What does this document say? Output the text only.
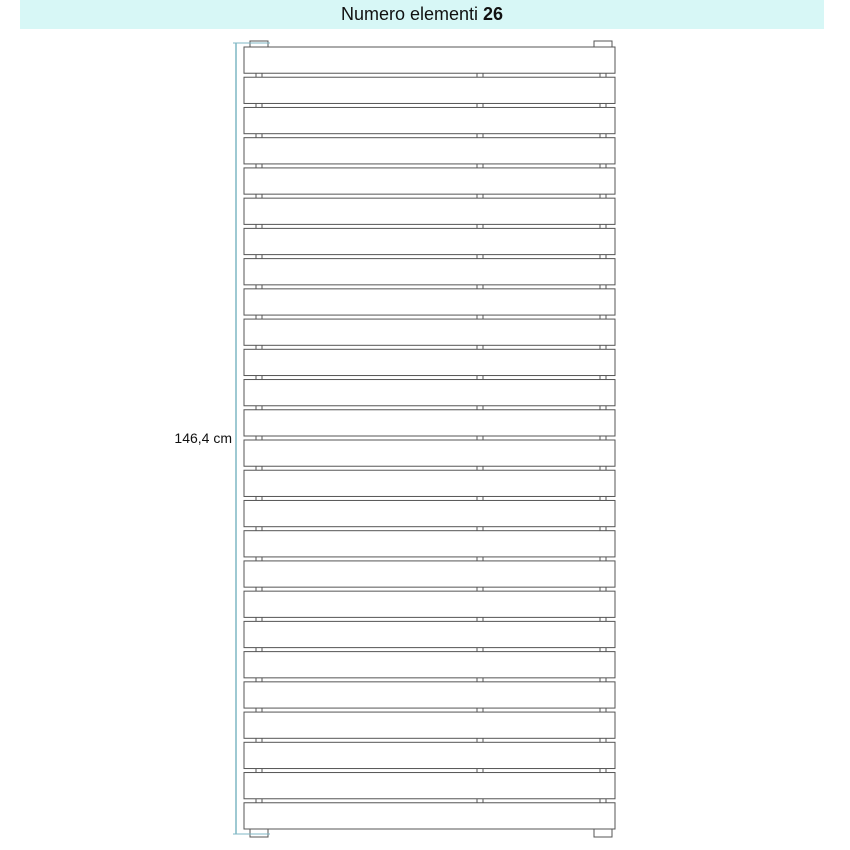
Numero elementi 26
146,4 cm
